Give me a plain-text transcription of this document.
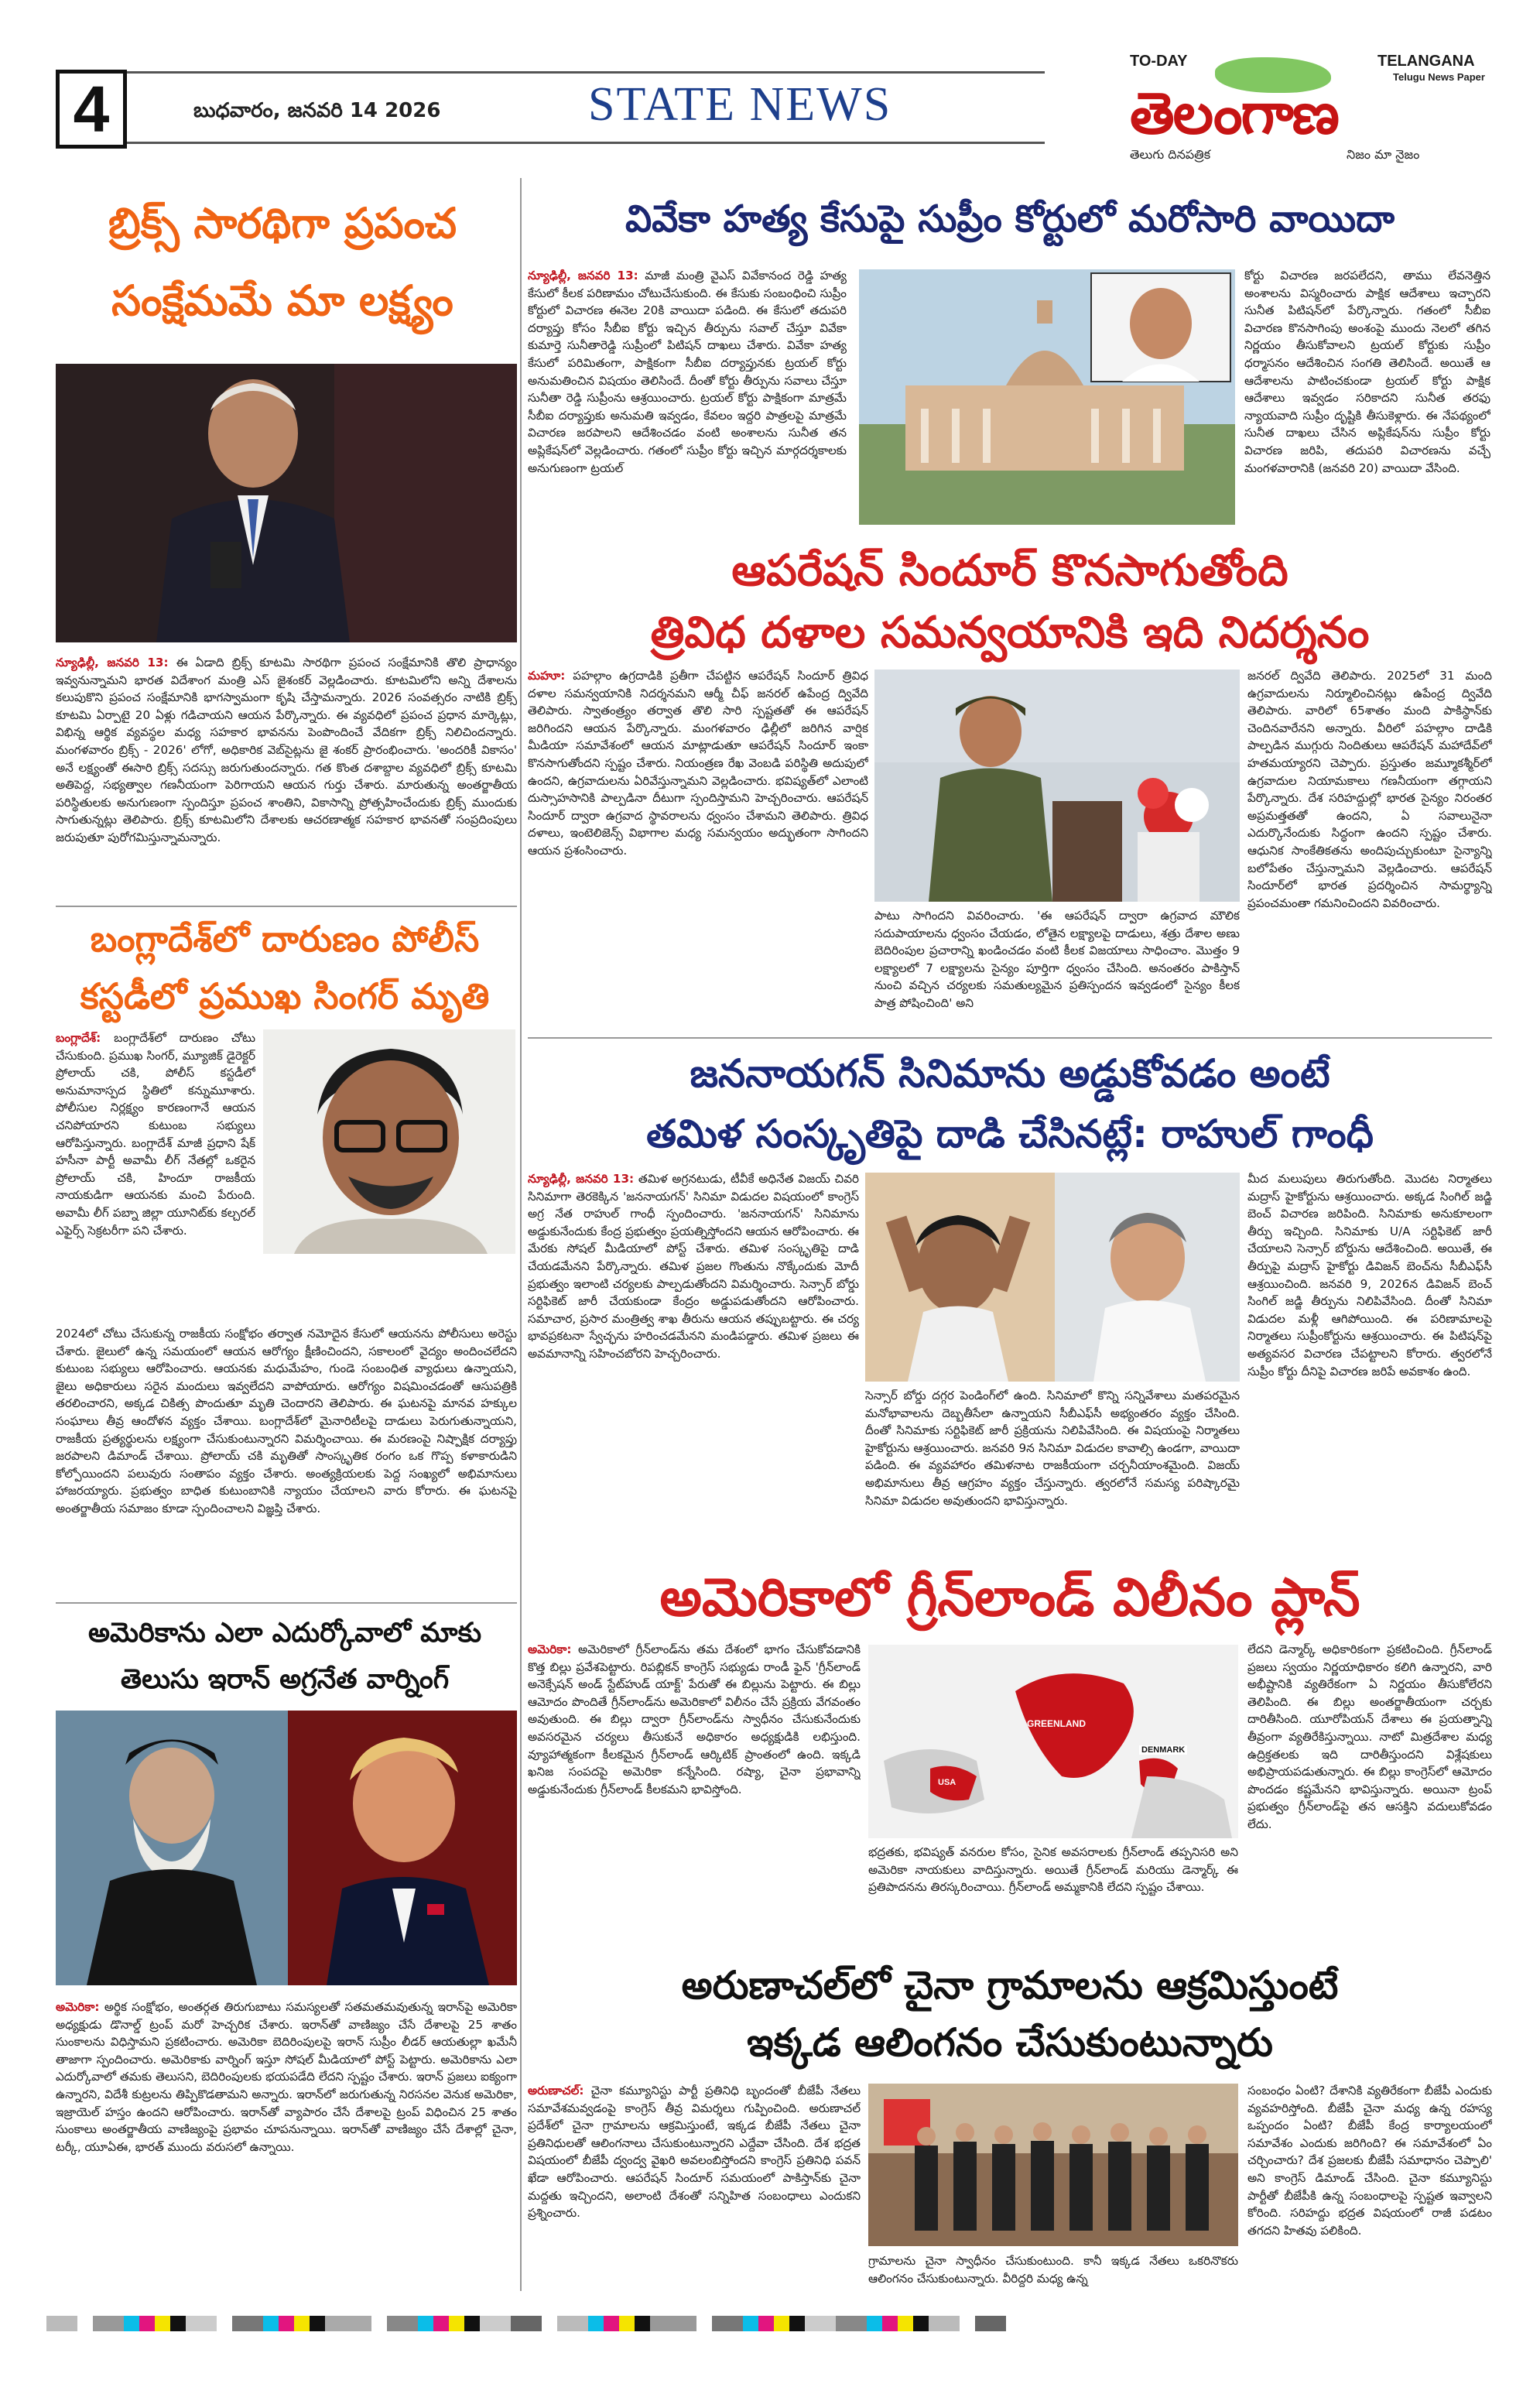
4	బుధవారం, జనవరి 14 2026	STATE NEWS
TO-DAY	TELANGANA
Telugu News Paper
తెలంగాణ
తెలుగు దినపత్రిక	నిజం మా నైజం
బ్రిక్స్ సారథిగా ప్రపంచ
సంక్షేమమే మా లక్ష్యం
న్యూఢిల్లీ, జనవరి 13: ఈ ఏడాది బ్రిక్స్ కూటమి సారథిగా ప్రపంచ సంక్షేమానికి తొలి ప్రాధాన్యం ఇవ్వనున్నామని భారత విదేశాంగ మంత్రి ఎస్ జైశంకర్ వెల్లడించారు. కూటమిలోని అన్ని దేశాలను కలుపుకొని ప్రపంచ సంక్షేమానికి భాగస్వామంగా కృషి చేస్తామన్నారు. 2026 సంవత్సరం నాటికి బ్రిక్స్ కూటమి ఏర్పాటై 20 ఏళ్లు గడిచాయని ఆయన పేర్కొన్నారు. ఈ వ్యవధిలో ప్రపంచ ప్రధాన మార్కెట్లు, విభిన్న ఆర్థిక వ్యవస్థల మధ్య సహకార భావనను పెంపొందించే వేదికగా బ్రిక్స్ నిలిచిందన్నారు. మంగళవారం బ్రిక్స్ - 2026' లోగో, అధికారిక వెబ్‌సైట్లను జై శంకర్ ప్రారంభించారు. 'అందరికీ వికాసం' అనే లక్ష్యంతో ఈసారి బ్రిక్స్ సదస్సు జరుగుతుందన్నారు. గత కొంత దశాబ్దాల వ్యవధిలో బ్రిక్స్ కూటమి అతిపెద్ద, సభ్యత్వాల గణనీయంగా పెరిగాయని ఆయన గుర్తు చేశారు. మారుతున్న అంతర్జాతీయ పరిస్థితులకు అనుగుణంగా స్పందిస్తూ ప్రపంచ శాంతిని, వికాసాన్ని ప్రోత్సహించేందుకు బ్రిక్స్ ముందుకు సాగుతున్నట్లు తెలిపారు. బ్రిక్స్ కూటమిలోని దేశాలకు ఆచరణాత్మక సహకార భావనతో సంప్రదింపులు జరుపుతూ పురోగమిస్తున్నామన్నారు.
బంగ్లాదేశ్‌లో దారుణం పోలీస్
కస్టడీలో ప్రముఖ సింగర్ మృతి
బంగ్లాదేశ్: బంగ్లాదేశ్‌లో దారుణం చోటు చేసుకుంది. ప్రముఖ సింగర్, మ్యూజిక్ డైరెక్టర్ ప్రోలాయ్ చకి, పోలీస్ కస్టడీలో అనుమానాస్పద స్థితిలో కన్నుమూశారు. పోలీసుల నిర్లక్ష్యం కారణంగానే ఆయన చనిపోయారని కుటుంబ సభ్యులు ఆరోపిస్తున్నారు. బంగ్లాదేశ్ మాజీ ప్రధాని షేక్ హసీనా పార్టీ అవామీ లీగ్ నేతల్లో ఒకరైన ప్రోలాయ్ చకి, హిందూ రాజకీయ నాయకుడిగా ఆయనకు మంచి పేరుంది. అవామీ లీగ్ పబ్నా జిల్లా యూనిట్‌కు కల్చరల్ ఎఫైర్స్ సెక్రటరీగా పని చేశారు.
2024లో చోటు చేసుకున్న రాజకీయ సంక్షోభం తర్వాత నమోదైన కేసులో ఆయనను పోలీసులు అరెస్టు చేశారు. జైలులో ఉన్న సమయంలో ఆయన ఆరోగ్యం క్షీణించిందని, సకాలంలో వైద్యం అందించలేదని కుటుంబ సభ్యులు ఆరోపించారు. ఆయనకు మధుమేహం, గుండె సంబంధిత వ్యాధులు ఉన్నాయని, జైలు అధికారులు సరైన మందులు ఇవ్వలేదని వాపోయారు. ఆరోగ్యం విషమించడంతో ఆసుపత్రికి తరలించారని, అక్కడ చికిత్స పొందుతూ మృతి చెందారని తెలిపారు. ఈ ఘటనపై మానవ హక్కుల సంఘాలు తీవ్ర ఆందోళన వ్యక్తం చేశాయి. బంగ్లాదేశ్‌లో మైనారిటీలపై దాడులు పెరుగుతున్నాయని, రాజకీయ ప్రత్యర్థులను లక్ష్యంగా చేసుకుంటున్నారని విమర్శించాయి. ఈ మరణంపై నిష్పాక్షిక దర్యాప్తు జరపాలని డిమాండ్ చేశాయి. ప్రోలాయ్ చకి మృతితో సాంస్కృతిక రంగం ఒక గొప్ప కళాకారుడిని కోల్పోయిందని పలువురు సంతాపం వ్యక్తం చేశారు. అంత్యక్రియలకు పెద్ద సంఖ్యలో అభిమానులు హాజరయ్యారు. ప్రభుత్వం బాధిత కుటుంబానికి న్యాయం చేయాలని వారు కోరారు. ఈ ఘటనపై అంతర్జాతీయ సమాజం కూడా స్పందించాలని విజ్ఞప్తి చేశారు.
అమెరికాను ఎలా ఎదుర్కోవాలో మాకు
తెలుసు ఇరాన్ అగ్రనేత వార్నింగ్
అమెరికా: అర్థిక సంక్షోభం, అంతర్గత తిరుగుబాటు సమస్యలతో సతమతమవుతున్న ఇరాన్‌పై అమెరికా అధ్యక్షుడు డొనాల్డ్ ట్రంప్ మరో హెచ్చరిక చేశారు. ఇరాన్‌తో వాణిజ్యం చేసే దేశాలపై 25 శాతం సుంకాలను విధిస్తామని ప్రకటించారు. అమెరికా బెదిరింపులపై ఇరాన్ సుప్రీం లీడర్ ఆయతుల్లా ఖమేనీ తాజాగా స్పందించారు. అమెరికాకు వార్నింగ్ ఇస్తూ సోషల్ మీడియాలో పోస్ట్ పెట్టారు. అమెరికాను ఎలా ఎదుర్కోవాలో తమకు తెలుసని, బెదిరింపులకు భయపడేది లేదని స్పష్టం చేశారు. ఇరాన్ ప్రజలు ఐక్యంగా ఉన్నారని, విదేశీ కుట్రలను తిప్పికొడతామని అన్నారు. ఇరాన్‌లో జరుగుతున్న నిరసనల వెనుక అమెరికా, ఇజ్రాయెల్ హస్తం ఉందని ఆరోపించారు. ఇరాన్‌తో వ్యాపారం చేసే దేశాలపై ట్రంప్ విధించిన 25 శాతం సుంకాలు అంతర్జాతీయ వాణిజ్యంపై ప్రభావం చూపనున్నాయి. ఇరాన్‌తో వాణిజ్యం చేసే దేశాల్లో చైనా, టర్కీ, యూఏఈ, భారత్ ముందు వరుసలో ఉన్నాయి.
వివేకా హత్య కేసుపై సుప్రీం కోర్టులో మరోసారి వాయిదా
న్యూఢిల్లీ, జనవరి 13: మాజీ మంత్రి వైఎస్ వివేకానంద రెడ్డి హత్య కేసులో కీలక పరిణామం చోటుచేసుకుంది. ఈ కేసుకు సంబంధించి సుప్రీం కోర్టులో విచారణ ఈనెల 20కి వాయిదా పడింది. ఈ కేసులో తదుపరి దర్యాప్తు కోసం సీబీఐ కోర్టు ఇచ్చిన తీర్పును సవాల్ చేస్తూ వివేకా కుమార్తె సునీతారెడ్డి సుప్రీంలో పిటిషన్ దాఖలు చేశారు. వివేకా హత్య కేసులో పరిమితంగా, పాక్షికంగా సీబీఐ దర్యాప్తునకు ట్రయల్ కోర్టు అనుమతించిన విషయం తెలిసిందే. దీంతో కోర్టు తీర్పును సవాలు చేస్తూ సునీతా రెడ్డి సుప్రీంను ఆశ్రయించారు. ట్రయల్ కోర్టు పాక్షికంగా మాత్రమే సీబీఐ దర్యాప్తుకు అనుమతి ఇవ్వడం, కేవలం ఇద్దరి పాత్రలపై మాత్రమే విచారణ జరపాలని ఆదేశించడం వంటి అంశాలను సునీత తన అప్లికేషన్‌లో వెల్లడించారు. గతంలో సుప్రీం కోర్టు ఇచ్చిన మార్గదర్శకాలకు అనుగుణంగా ట్రయల్
కోర్టు విచారణ జరపలేదని, తాము లేవనెత్తిన అంశాలను విస్మరించారు పాక్షిక ఆదేశాలు ఇచ్చారని సునీత పిటిషన్‌లో పేర్కొన్నారు. గతంలో సీబీఐ విచారణ కొనసాగింపు అంశంపై ముందు నెలలో తగిన నిర్ణయం తీసుకోవాలని ట్రయల్ కోర్టుకు సుప్రీం ధర్మాసనం ఆదేశించిన సంగతి తెలిసిందే. అయితే ఆ ఆదేశాలను పాటించకుండా ట్రయల్ కోర్టు పాక్షిక ఆదేశాలు ఇవ్వడం సరికాదని సునీత తరఫు న్యాయవాది సుప్రీం దృష్టికి తీసుకెళ్లారు. ఈ నేపథ్యంలో సునీత దాఖలు చేసిన అప్లికేషన్‌ను సుప్రీం కోర్టు విచారణ జరిపి, తదుపరి విచారణను వచ్చే మంగళవారానికి (జనవరి 20) వాయిదా వేసింది.
ఆపరేషన్ సిందూర్ కొనసాగుతోంది
త్రివిధ దళాల సమన్వయానికి ఇది నిదర్శనం
మహూ: పహల్గాం ఉగ్రదాడికి ప్రతీగా చేపట్టిన ఆపరేషన్ సిందూర్ త్రివిధ దళాల సమన్వయానికి నిదర్శనమని ఆర్మీ చీఫ్ జనరల్ ఉపేంద్ర ద్వివేది తెలిపారు. స్వాతంత్ర్యం తర్వాత తొలి సారి స్పష్టతతో ఈ ఆపరేషన్ జరిగిందని ఆయన పేర్కొన్నారు. మంగళవారం ఢిల్లీలో జరిగిన వార్షిక మీడియా సమావేశంలో ఆయన మాట్లాడుతూ ఆపరేషన్ సిందూర్ ఇంకా కొనసాగుతోందని స్పష్టం చేశారు. నియంత్రణ రేఖ వెంబడి పరిస్థితి అదుపులో ఉందని, ఉగ్రవాదులను ఏరివేస్తున్నామని వెల్లడించారు. భవిష్యత్‌లో ఎలాంటి దుస్సాహసానికి పాల్పడినా దీటుగా స్పందిస్తామని హెచ్చరించారు. ఆపరేషన్ సిందూర్ ద్వారా ఉగ్రవాద స్థావరాలను ధ్వంసం చేశామని తెలిపారు. త్రివిధ దళాలు, ఇంటెలిజెన్స్ విభాగాల మధ్య సమన్వయం అద్భుతంగా సాగిందని ఆయన ప్రశంసించారు.
పాటు సాగిందని వివరించారు. 'ఈ ఆపరేషన్ ద్వారా ఉగ్రవాద మౌలిక సదుపాయాలను ధ్వంసం చేయడం, లోతైన లక్ష్యాలపై దాడులు, శత్రు దేశాల అణు బెదిరింపుల ప్రచారాన్ని ఖండించడం వంటి కీలక విజయాలు సాధించాం. మొత్తం 9 లక్ష్యాలలో 7 లక్ష్యాలను సైన్యం పూర్తిగా ధ్వంసం చేసింది. అనంతరం పాకిస్తాన్ నుంచి వచ్చిన చర్యలకు సమతుల్యమైన ప్రతిస్పందన ఇవ్వడంలో సైన్యం కీలక పాత్ర పోషించింది' అని
జనరల్ ద్వివేది తెలిపారు. 2025లో 31 మంది ఉగ్రవాదులను నిర్మూలించినట్లు ఉపేంద్ర ద్వివేది తెలిపారు. వారిలో 65శాతం మంది పాకిస్థాన్‌కు చెందినవారేనని అన్నారు. వీరిలో పహల్గాం దాడికి పాల్పడిన ముగ్గురు నిందితులు ఆపరేషన్ మహాదేవ్‌లో హతమయ్యారని చెప్పారు. ప్రస్తుతం జమ్మూకశ్మీర్‌లో ఉగ్రవాదుల నియామకాలు గణనీయంగా తగ్గాయని పేర్కొన్నారు. దేశ సరిహద్దుల్లో భారత సైన్యం నిరంతర అప్రమత్తతతో ఉందని, ఏ సవాలునైనా ఎదుర్కొనేందుకు సిద్ధంగా ఉందని స్పష్టం చేశారు. ఆధునిక సాంకేతికతను అందిపుచ్చుకుంటూ సైన్యాన్ని బలోపేతం చేస్తున్నామని వెల్లడించారు. ఆపరేషన్ సిందూర్‌లో భారత ప్రదర్శించిన సామర్థ్యాన్ని ప్రపంచమంతా గమనించిందని వివరించారు.
జననాయగన్ సినిమాను అడ్డుకోవడం అంటే
తమిళ సంస్కృతిపై దాడి చేసినట్లే: రాహుల్ గాంధీ
న్యూఢిల్లీ, జనవరి 13: తమిళ అగ్రనటుడు, టీవీకే అధినేత విజయ్ చివరి సినిమాగా తెరకెక్కిన 'జననాయగన్' సినిమా విడుదల విషయంలో కాంగ్రెస్ అగ్ర నేత రాహుల్ గాంధీ స్పందించారు. 'జననాయగన్' సినిమాను అడ్డుకునేందుకు కేంద్ర ప్రభుత్వం ప్రయత్నిస్తోందని ఆయన ఆరోపించారు. ఈ మేరకు సోషల్ మీడియాలో పోస్ట్ చేశారు. తమిళ సంస్కృతిపై దాడి చేయడమేనని పేర్కొన్నారు. తమిళ ప్రజల గొంతును నొక్కేందుకు మోదీ ప్రభుత్వం ఇలాంటి చర్యలకు పాల్పడుతోందని విమర్శించారు. సెన్సార్ బోర్డు సర్టిఫికెట్ జారీ చేయకుండా కేంద్రం అడ్డుపడుతోందని ఆరోపించారు. సమాచార, ప్రసార మంత్రిత్వ శాఖ తీరును ఆయన తప్పుబట్టారు. ఈ చర్య భావప్రకటనా స్వేచ్ఛను హరించడమేనని మండిపడ్డారు. తమిళ ప్రజలు ఈ అవమానాన్ని సహించబోరని హెచ్చరించారు.
సెన్సార్ బోర్డు దగ్గర పెండింగ్‌లో ఉంది. సినిమాలో కొన్ని సన్నివేశాలు మతపరమైన మనోభావాలను దెబ్బతీసేలా ఉన్నాయని సీబీఎఫ్‌సీ అభ్యంతరం వ్యక్తం చేసింది. దీంతో సినిమాకు సర్టిఫికెట్ జారీ ప్రక్రియను నిలిపివేసింది. ఈ విషయంపై నిర్మాతలు హైకోర్టును ఆశ్రయించారు. జనవరి 9న సినిమా విడుదల కావాల్సి ఉండగా, వాయిదా పడింది. ఈ వ్యవహారం తమిళనాట రాజకీయంగా చర్చనీయాంశమైంది. విజయ్ అభిమానులు తీవ్ర ఆగ్రహం వ్యక్తం చేస్తున్నారు. త్వరలోనే సమస్య పరిష్కారమై సినిమా విడుదల అవుతుందని భావిస్తున్నారు.
మీద మలుపులు తిరుగుతోంది. మొదట నిర్మాతలు మద్రాస్ హైకోర్టును ఆశ్రయించారు. అక్కడ సింగిల్ జడ్జి బెంచ్ విచారణ జరిపింది. సినిమాకు అనుకూలంగా తీర్పు ఇచ్చింది. సినిమాకు U/A సర్టిఫికెట్ జారీ చేయాలని సెన్సార్ బోర్డును ఆదేశించింది. అయితే, ఈ తీర్పుపై మద్రాస్ హైకోర్టు డివిజన్ బెంచ్‌ను సీబీఎఫ్‌సీ ఆశ్రయించింది. జనవరి 9, 2026న డివిజన్ బెంచ్ సింగిల్ జడ్జి తీర్పును నిలిపివేసింది. దీంతో సినిమా విడుదల మళ్లీ ఆగిపోయింది. ఈ పరిణామాలపై నిర్మాతలు సుప్రీంకోర్టును ఆశ్రయించారు. ఈ పిటిషన్‌పై అత్యవసర విచారణ చేపట్టాలని కోరారు. త్వరలోనే సుప్రీం కోర్టు దీనిపై విచారణ జరిపే అవకాశం ఉంది.
అమెరికాలో గ్రీన్‌లాండ్ విలీనం ప్లాన్
అమెరికా: అమెరికాలో గ్రీన్‌లాండ్‌ను తమ దేశంలో భాగం చేసుకోవడానికి కొత్త బిల్లు ప్రవేశపెట్టారు. రిపబ్లికన్ కాంగ్రెస్ సభ్యుడు రాండీ ఫైన్ 'గ్రీన్‌లాండ్ అనెక్సేషన్ అండ్ స్టేట్‌హుడ్ యాక్ట్' పేరుతో ఈ బిల్లును పెట్టారు. ఈ బిల్లు ఆమోదం పొందితే గ్రీన్‌లాండ్‌ను అమెరికాలో విలీనం చేసే ప్రక్రియ వేగవంతం అవుతుంది. ఈ బిల్లు ద్వారా గ్రీన్‌లాండ్‌ను స్వాధీనం చేసుకునేందుకు అవసరమైన చర్యలు తీసుకునే అధికారం అధ్యక్షుడికి లభిస్తుంది. వ్యూహాత్మకంగా కీలకమైన గ్రీన్‌లాండ్ ఆర్కిటిక్ ప్రాంతంలో ఉంది. ఇక్కడి ఖనిజ సంపదపై అమెరికా కన్నేసింది. రష్యా, చైనా ప్రభావాన్ని అడ్డుకునేందుకు గ్రీన్‌లాండ్ కీలకమని భావిస్తోంది.
GREENLAND
DENMARK
USA
భద్రతకు, భవిష్యత్ వనరుల కోసం, సైనిక అవసరాలకు గ్రీన్‌లాండ్ తప్పనిసరి అని అమెరికా నాయకులు వాదిస్తున్నారు. అయితే గ్రీన్‌లాండ్ మరియు డెన్మార్క్ ఈ ప్రతిపాదనను తిరస్కరించాయి. గ్రీన్‌లాండ్ అమ్మకానికి లేదని స్పష్టం చేశాయి.
లేదని డెన్మార్క్ అధికారికంగా ప్రకటించింది. గ్రీన్‌లాండ్ ప్రజలు స్వయం నిర్ణయాధికారం కలిగి ఉన్నారని, వారి అభీష్టానికి వ్యతిరేకంగా ఏ నిర్ణయం తీసుకోలేరని తెలిపింది. ఈ బిల్లు అంతర్జాతీయంగా చర్చకు దారితీసింది. యూరోపియన్ దేశాలు ఈ ప్రయత్నాన్ని తీవ్రంగా వ్యతిరేకిస్తున్నాయి. నాటో మిత్రదేశాల మధ్య ఉద్రిక్తతలకు ఇది దారితీస్తుందని విశ్లేషకులు అభిప్రాయపడుతున్నారు. ఈ బిల్లు కాంగ్రెస్‌లో ఆమోదం పొందడం కష్టమేనని భావిస్తున్నారు. అయినా ట్రంప్ ప్రభుత్వం గ్రీన్‌లాండ్‌పై తన ఆసక్తిని వదులుకోవడం లేదు.
అరుణాచల్‌లో చైనా గ్రామాలను ఆక్రమిస్తుంటే
ఇక్కడ ఆలింగనం చేసుకుంటున్నారు
అరుణాచల్: చైనా కమ్యూనిస్టు పార్టీ ప్రతినిధి బృందంతో బీజేపీ నేతలు సమావేశమవ్వడంపై కాంగ్రెస్ తీవ్ర విమర్శలు గుప్పించింది. అరుణాచల్ ప్రదేశ్‌లో చైనా గ్రామాలను ఆక్రమిస్తుంటే, ఇక్కడ బీజేపీ నేతలు చైనా ప్రతినిధులతో ఆలింగనాలు చేసుకుంటున్నారని ఎద్దేవా చేసింది. దేశ భద్రత విషయంలో బీజేపీ ద్వంద్వ వైఖరి అవలంబిస్తోందని కాంగ్రెస్ ప్రతినిధి పవన్ ఖేడా ఆరోపించారు. ఆపరేషన్ సిందూర్ సమయంలో పాకిస్తాన్‌కు చైనా మద్దతు ఇచ్చిందని, అలాంటి దేశంతో సన్నిహిత సంబంధాలు ఎందుకని ప్రశ్నించారు.
గ్రామాలను చైనా స్వాధీనం చేసుకుంటుంది. కానీ ఇక్కడ నేతలు ఒకరినొకరు ఆలింగనం చేసుకుంటున్నారు. వీరిద్దరి మధ్య ఉన్న
సంబంధం ఏంటి? దేశానికి వ్యతిరేకంగా బీజేపీ ఎందుకు వ్యవహరిస్తోంది. బీజేపీ చైనా మధ్య ఉన్న రహస్య ఒప్పందం ఏంటి? బీజేపీ కేంద్ర కార్యాలయంలో సమావేశం ఎందుకు జరిగింది? ఈ సమావేశంలో ఏం చర్చించారు? దేశ ప్రజలకు బీజేపీ సమాధానం చెప్పాలి' అని కాంగ్రెస్ డిమాండ్ చేసింది. చైనా కమ్యూనిస్టు పార్టీతో బీజేపీకి ఉన్న సంబంధాలపై స్పష్టత ఇవ్వాలని కోరింది. సరిహద్దు భద్రత విషయంలో రాజీ పడటం తగదని హితవు పలికింది.
